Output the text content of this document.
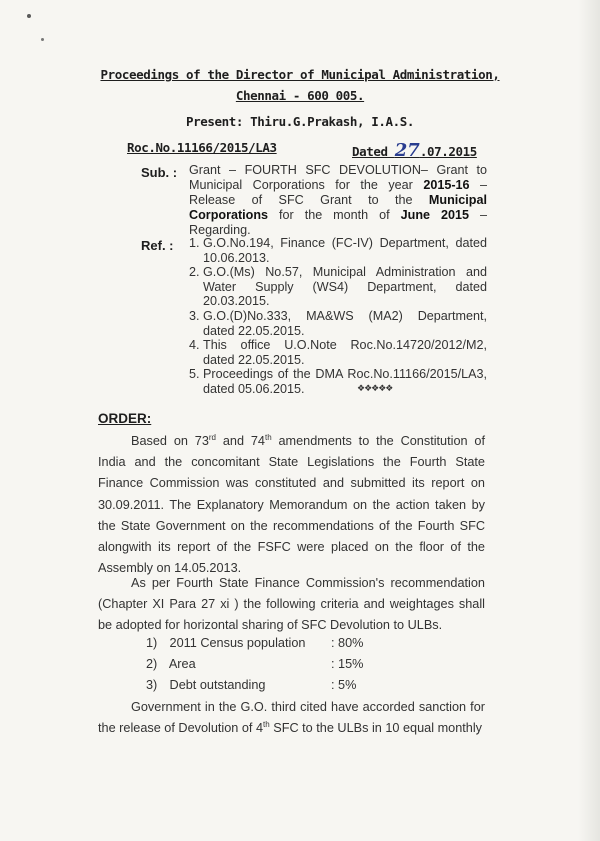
Proceedings of the Director of Municipal Administration,
Chennai - 600 005.
Present: Thiru.G.Prakash, I.A.S.
Roc.No.11166/2015/LA3	Dated 27.07.2015
Sub. : Grant – FOURTH SFC DEVOLUTION– Grant to Municipal Corporations for the year 2015-16 – Release of SFC Grant to the Municipal Corporations for the month of June 2015 – Regarding.
Ref. : 1. G.O.No.194, Finance (FC-IV) Department, dated 10.06.2013.
2. G.O.(Ms) No.57, Municipal Administration and Water Supply (WS4) Department, dated 20.03.2015.
3. G.O.(D)No.333, MA&WS (MA2) Department, dated 22.05.2015.
4. This office U.O.Note Roc.No.14720/2012/M2, dated 22.05.2015.
5. Proceedings of the DMA Roc.No.11166/2015/LA3, dated 05.06.2015.	❖❖❖❖❖
ORDER:

Based on 73rd and 74th amendments to the Constitution of India and the concomitant State Legislations the Fourth State Finance Commission was constituted and submitted its report on 30.09.2011. The Explanatory Memorandum on the action taken by the State Government on the recommendations of the Fourth SFC alongwith its report of the FSFC were placed on the floor of the Assembly on 14.05.2013.

As per Fourth State Finance Commission's recommendation (Chapter XI Para 27 xi ) the following criteria and weightages shall be adopted for horizontal sharing of SFC Devolution to ULBs.

1) 2011 Census population : 80%
2) Area	: 15%
3) Debt outstanding	: 5%

Government in the G.O. third cited have accorded sanction for the release of Devolution of 4th SFC to the ULBs in 10 equal monthly
